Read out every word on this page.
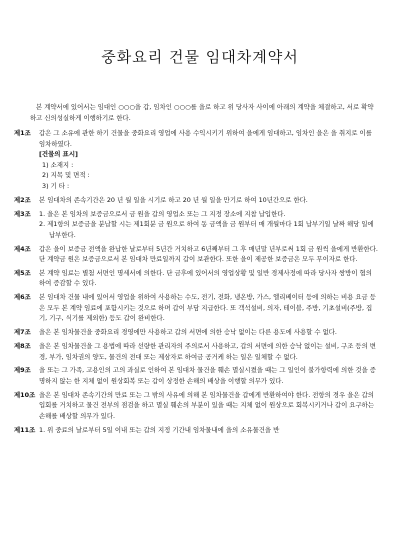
중화요리 건물 임대차계약서
본 계약서에 있어서는 임대인 ○○○을 갑, 임차인 ○○○를 을로 하고 위 당사자 사이에 아래의 계약을 체결하고, 서로 확약하고 신의성실하게 이행하기로 한다.
제1조	갑은 그 소유에 관한 하기 건물을 중화요리 영업에 사용 수익시키기 위하여 을에게 임대하고, 임차인 을은 을 취지로 이를 임차하였다.
[건물의 표시]
1) 소재지 :
2) 지목 및 면적 :
3) 기 타 :
제2조	본 임대차의 존속기간은 20 년 월 일을 시기로 하고 20 년 월 일을 만기로 하여 10년간으로 한다.
제3조	1. 을은 본 임차의 보증금으로서 금 원을 갑의 영업소 또는 그 지정 장소에 지참 납입한다.
2. 제1항의 보증금을 분납할 시는 제1회분 금 원으로 하여 동 금액을 금 원부터 매 개월마다 1회 납부기일 날짜 해당 일에 납부한다.
제4조	갑은 을이 보증금 전액을 완납한 날로부터 5년간 거치하고 6년째부터 그 후 매년말 년부로써 1회 금 원씩 을에게 반환한다. 단 계약금 원은 보증금으로서 본 임대차 만료일까지 갑이 보관한다. 또한 을이 제공한 보증금은 모두 무이자로 한다.
제5조	본 계약 임료는 별첨 서면인 명세서에 의한다. 단 금후에 있어서의 영업상황 및 일반 경제사정에 따라 당사자 쌍방이 협의하여 증감할 수 있다.
제6조	본 임대차 건물 내에 있어서 영업을 위하여 사용하는 수도, 전기, 전화, 냉온방, 가스, 엘리베이터 등에 의하는 비용 요금 등은 모두 본 계약 임료에 포함시키는 것으로 하며 갑이 부담 지급한다. 또 객석설비, 의자, 테이블, 주방, 기초설비(주방, 집기, 기구, 식기를 제외한) 등도 갑이 완비한다.
제7조	을은 본 임차물건을 중화요리 경영에만 사용하고 갑의 서면에 의한 승낙 없이는 다른 용도에 사용할 수 없다.
제8조	을은 본 임차물건을 그 용법에 따라 선량한 관리자의 주의로서 사용하고, 갑의 서면에 의한 승낙 없이는 설비, 구조 등의 변경, 부가, 임차권의 양도, 물건의 전대 또는 제삼자로 하여금 공거케 하는 일은 일체할 수 없다.
제9조	을 또는 그 가족, 고용인의 고의 과실로 인하여 본 임대차 물건을 훼손 멸실시켰을 때는 그 일인이 불가항력에 의한 것을 증명하지 않는 한 지체 없이 원상회복 또는 갑이 상정한 손해의 배상을 이행할 의무가 있다.
제10조 을은 본 임대차 존속기간의 만료 또는 그 밖의 사유에 의해 본 임차물건을 갑에게 반환하여야 한다. 전항의 경우 을은 갑의 입회를 거치하고 물건 전부의 점검을 하고 멸실 훼손의 부분이 있을 때는 지체 없이 원상으로 회복시키거나 갑이 요구하는 손해를 배상할 의무가 있다.
제11조 1. 위 중료의 날로부터 5일 이내 또는 갑의 지정 기간내 임차물내에 을의 소유물건을 반
